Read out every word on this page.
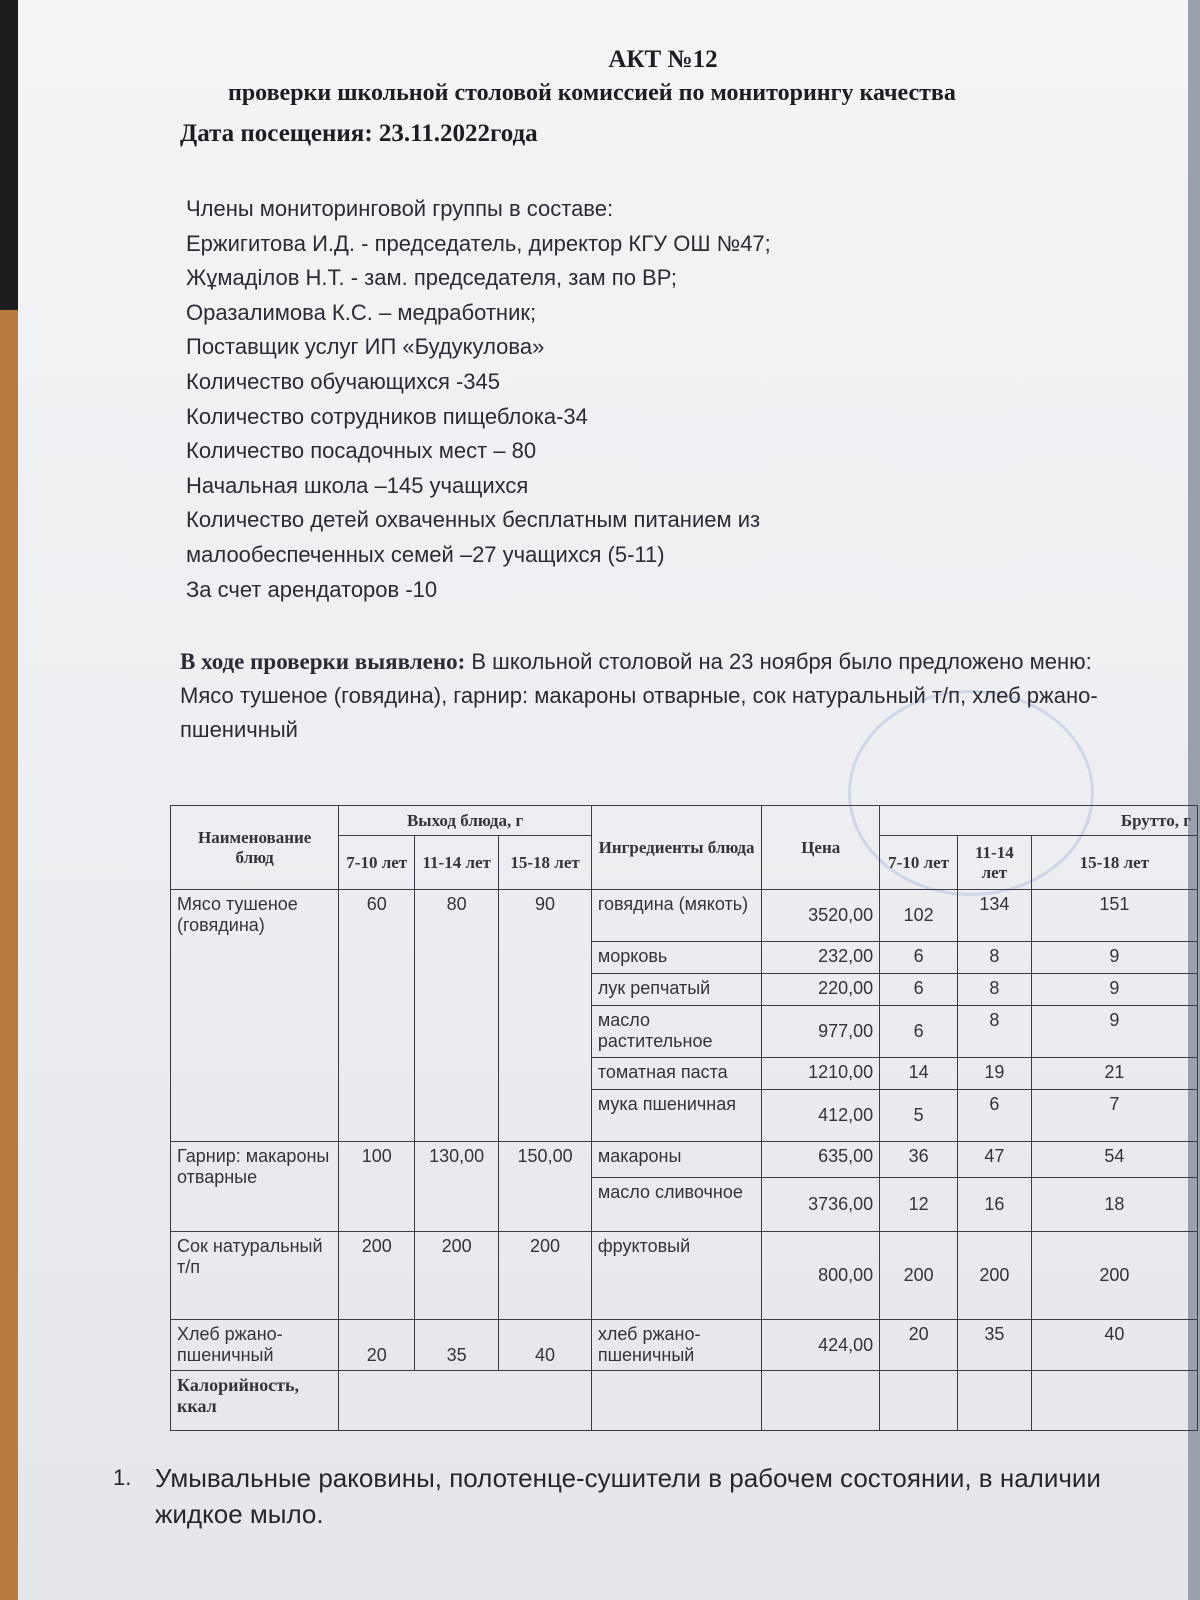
АКТ №12
проверки школьной столовой комиссией по мониторингу качества
Дата посещения: 23.11.2022года
Члены мониторинговой группы в составе:
Ержигитова И.Д. - председатель, директор КГУ ОШ №47;
Жұмаділов Н.Т. - зам. председателя, зам по ВР;
Оразалимова К.С. – медработник;
Поставщик услуг ИП «Будукулова»
Количество обучающихся -345
Количество сотрудников пищеблока-34
Количество посадочных мест – 80
Начальная школа –145 учащихся
Количество детей охваченных бесплатным питанием из
малообеспеченных семей –27 учащихся (5-11)
За счет арендаторов -10
В ходе проверки выявлено: В школьной столовой на 23 ноября было предложено меню: Мясо тушеное (говядина), гарнир: макароны отварные, сок натуральный т/п, хлеб ржано-пшеничный
Наименование блюд	Выход блюда, г			Ингредиенты блюда	Цена	Брутто, г		
	7-10 лет	11-14 лет	15-18 лет			7-10 лет	11-14 лет	15-18 лет
Мясо тушеное (говядина)	60	80	90	говядина (мякоть)	3520,00	102	134	151
				морковь	232,00	6	8	9
				лук репчатый	220,00	6	8	9
				масло растительное	977,00	6	8	9
				томатная паста	1210,00	14	19	21
				мука пшеничная	412,00	5	6	7
Гарнир: макароны отварные	100	130,00	150,00	макароны	635,00	36	47	54
				масло сливочное	3736,00	12	16	18
Сок натуральный т/п	200	200	200	фруктовый	800,00	200	200	200
Хлеб ржано-пшеничный	20	35	40	хлеб ржано-пшеничный	424,00	20	35	40
Калорийность, ккал								
1. Умывальные раковины, полотенце-сушители в рабочем состоянии, в наличии жидкое мыло.
